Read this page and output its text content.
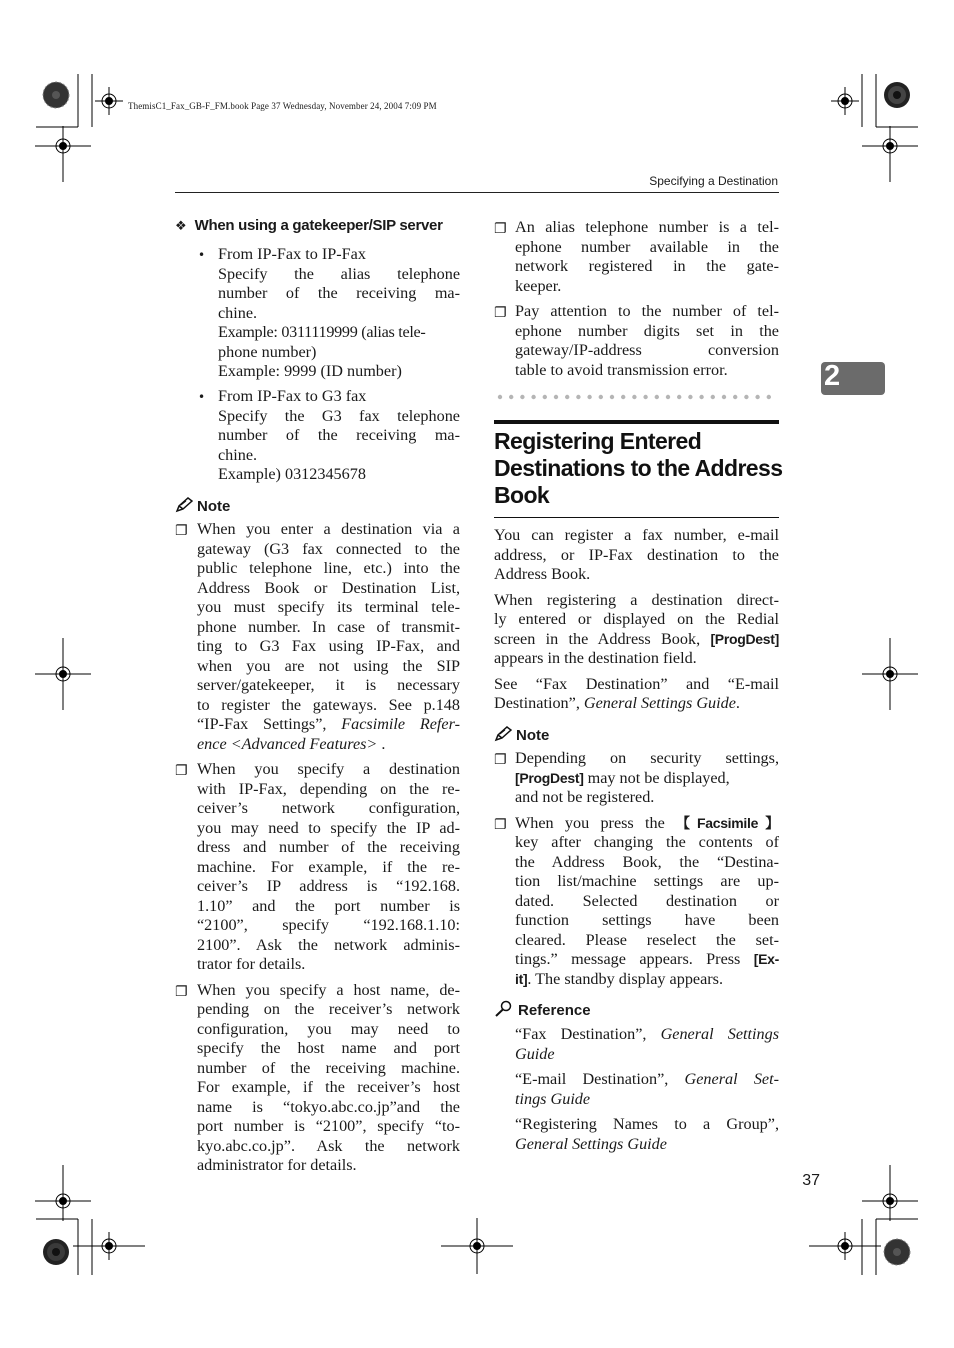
ThemisC1_Fax_GB-F_FM.book Page 37 Wednesday, November 24, 2004 7:09 PM
Specifying a Destination
2
❖ When using a gatekeeper/SIP server
• From IP-Fax to IP-Fax
Specify the alias telephone
number of the receiving ma-
chine.
Example: 0311119999 (alias tele-
phone number)
Example: 9999 (ID number)
• From IP-Fax to G3 fax
Specify the G3 fax telephone
number of the receiving ma-
chine.
Example) 0312345678
Note
❐ When you enter a destination via a
gateway (G3 fax connected to the
public telephone line, etc.) into the
Address Book or Destination List,
you must specify its terminal tele-
phone number. In case of transmit-
ting to G3 Fax using IP-Fax, and
when you are not using the SIP
server/gatekeeper, it is necessary
to register the gateways. See p.148
“IP-Fax Settings”, Facsimile Refer-
ence <Advanced Features> .
❐ When you specify a destination
with IP-Fax, depending on the re-
ceiver’s network configuration,
you may need to specify the IP ad-
dress and number of the receiving
machine. For example, if the re-
ceiver’s IP address is “192.168.
1.10” and the port number is
“2100”, specify “192.168.1.10:
2100”. Ask the network adminis-
trator for details.
❐ When you specify a host name, de-
pending on the receiver’s network
configuration, you may need to
specify the host name and port
number of the receiving machine.
For example, if the receiver’s host
name is “tokyo.abc.co.jp”and the
port number is “2100”, specify “to-
kyo.abc.co.jp”. Ask the network
administrator for details.
❐ An alias telephone number is a tel-
ephone number available in the
network registered in the gate-
keeper.
❐ Pay attention to the number of tel-
ephone number digits set in the
gateway/IP-address conversion
table to avoid transmission error.
Registering Entered
Destinations to the Address
Book
You can register a fax number, e-mail
address, or IP-Fax destination to the
Address Book.
When registering a destination direct-
ly entered or displayed on the Redial
screen in the Address Book, [ProgDest]
appears in the destination field.
See “Fax Destination” and “E-mail
Destination”, General Settings Guide.
Note
❐ Depending on security settings,
[ProgDest] may not be displayed,
and not be registered.
❐ When you press the 【Facsimile】
key after changing the contents of
the Address Book, the “Destina-
tion list/machine settings are up-
dated. Selected destination or
function settings have been
cleared. Please reselect the set-
tings.” message appears. Press [Ex-
it]. The standby display appears.
Reference
“Fax Destination”, General Settings
Guide
“E-mail Destination”, General Set-
tings Guide
“Registering Names to a Group”,
General Settings Guide
37
